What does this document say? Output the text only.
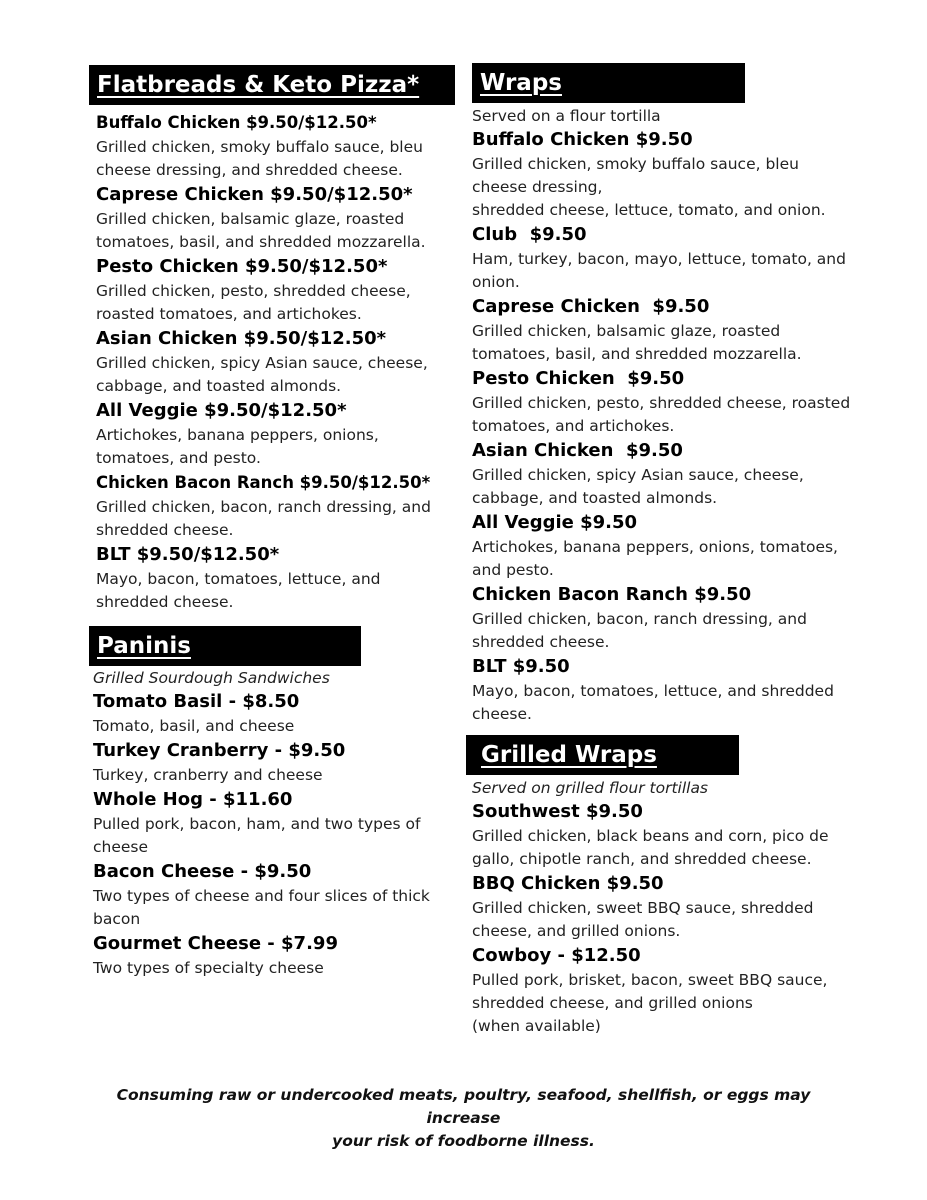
Flatbreads & Keto Pizza*
Buffalo Chicken $9.50/$12.50*
Grilled chicken, smoky buffalo sauce, bleu cheese dressing, and shredded cheese.
Caprese Chicken $9.50/$12.50*
Grilled chicken, balsamic glaze, roasted tomatoes, basil, and shredded mozzarella.
Pesto Chicken $9.50/$12.50*
Grilled chicken, pesto, shredded cheese, roasted tomatoes, and artichokes.
Asian Chicken $9.50/$12.50*
Grilled chicken, spicy Asian sauce, cheese, cabbage, and toasted almonds.
All Veggie $9.50/$12.50*
Artichokes, banana peppers, onions, tomatoes, and pesto.
Chicken Bacon Ranch $9.50/$12.50*
Grilled chicken, bacon, ranch dressing, and shredded cheese.
BLT $9.50/$12.50*
Mayo, bacon, tomatoes, lettuce, and shredded cheese.
Paninis
Grilled Sourdough Sandwiches
Tomato Basil - $8.50
Tomato, basil, and cheese
Turkey Cranberry - $9.50
Turkey, cranberry and cheese
Whole Hog - $11.60
Pulled pork, bacon, ham, and two types of cheese
Bacon Cheese - $9.50
Two types of cheese and four slices of thick bacon
Gourmet Cheese - $7.99
Two types of specialty cheese
Wraps
Served on a flour tortilla
Buffalo Chicken $9.50
Grilled chicken, smoky buffalo sauce, bleu cheese dressing,
shredded cheese, lettuce, tomato, and onion.
Club  $9.50
Ham, turkey, bacon, mayo, lettuce, tomato, and onion.
Caprese Chicken  $9.50
Grilled chicken, balsamic glaze, roasted tomatoes, basil, and shredded mozzarella.
Pesto Chicken  $9.50
Grilled chicken, pesto, shredded cheese, roasted tomatoes, and artichokes.
Asian Chicken  $9.50
Grilled chicken, spicy Asian sauce, cheese, cabbage, and toasted almonds.
All Veggie $9.50
Artichokes, banana peppers, onions, tomatoes, and pesto.
Chicken Bacon Ranch $9.50
Grilled chicken, bacon, ranch dressing, and shredded cheese.
BLT $9.50
Mayo, bacon, tomatoes, lettuce, and shredded cheese.
Grilled Wraps
Served on grilled flour tortillas
Southwest $9.50
Grilled chicken, black beans and corn, pico de gallo, chipotle ranch, and shredded cheese.
BBQ Chicken $9.50
Grilled chicken, sweet BBQ sauce, shredded cheese, and grilled onions.
Cowboy - $12.50
Pulled pork, brisket, bacon, sweet BBQ sauce, shredded cheese, and grilled onions
(when available)
Consuming raw or undercooked meats, poultry, seafood, shellfish, or eggs may increase
your risk of foodborne illness.
